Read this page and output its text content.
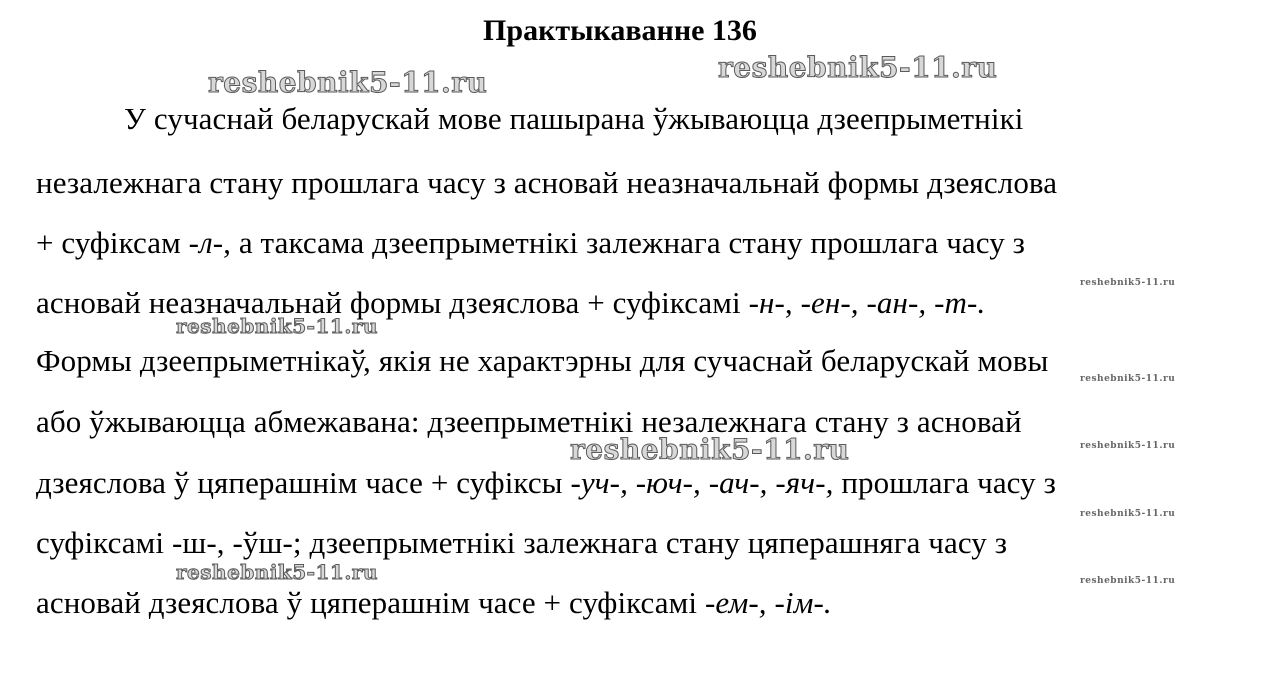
Практыкаванне 136
reshebnik5-11.ru	reshebnik5-11.ru
reshebnik5-11.ru
reshebnik5-11.ru
reshebnik5-11.ru
reshebnik5-11.ru
reshebnik5-11.ru
reshebnik5-11.ru
reshebnik5-11.ru
reshebnik5-11.ru
У сучаснай беларускай мове пашырана ўжываюцца дзеепрыметнікі
незалежнага стану прошлага часу з асновай неазначальнай формы дзеяслова
+ суфіксам -л-, а таксама дзеепрыметнікі залежнага стану прошлага часу з
асновай неазначальнай формы дзеяслова + суфіксамі -н-, -ен-, -ан-, -т-.
Формы дзеепрыметнікаў, якія не характэрны для сучаснай беларускай мовы
або ўжываюцца абмежавана: дзеепрыметнікі незалежнага стану з асновай
дзеяслова ў цяперашнім часе + суфіксы -уч-, -юч-, -ач-, -яч-, прошлага часу з
суфіксамі -ш-, -ўш-; дзеепрыметнікі залежнага стану цяперашняга часу з
асновай дзеяслова ў цяперашнім часе + суфіксамі -ем-, -ім-.
